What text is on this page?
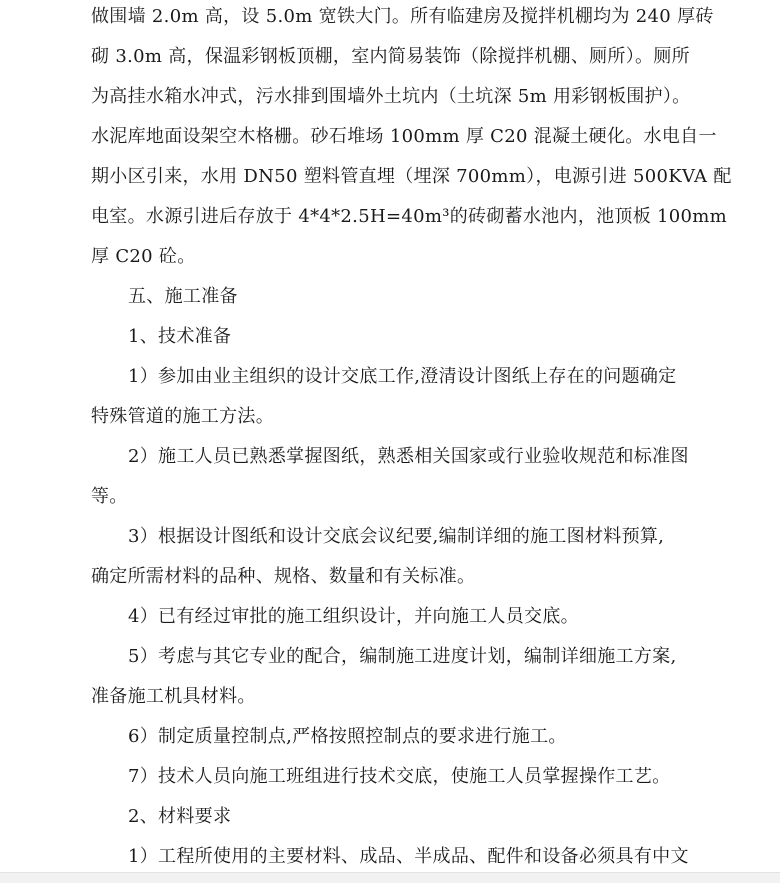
做围墙 2.0m 高，设 5.0m 宽铁大门。所有临建房及搅拌机棚均为 240 厚砖
砌 3.0m 高，保温彩钢板顶棚，室内简易装饰（除搅拌机棚、厕所）。厕所
为高挂水箱水冲式，污水排到围墙外土坑内（土坑深 5m 用彩钢板围护）。
水泥库地面设架空木格栅。砂石堆场 100mm 厚 C20 混凝土硬化。水电自一
期小区引来，水用 DN50 塑料管直埋（埋深 700mm），电源引进 500KVA 配
电室。水源引进后存放于 4*4*2.5H=40m³的砖砌蓄水池内，池顶板 100mm
厚 C20 砼。
五、施工准备
1、技术准备
1）参加由业主组织的设计交底工作,澄清设计图纸上存在的问题确定
特殊管道的施工方法。
2）施工人员已熟悉掌握图纸，熟悉相关国家或行业验收规范和标准图
等。
3）根据设计图纸和设计交底会议纪要,编制详细的施工图材料预算,
确定所需材料的品种、规格、数量和有关标准。
4）已有经过审批的施工组织设计，并向施工人员交底。
5）考虑与其它专业的配合，编制施工进度计划，编制详细施工方案,
准备施工机具材料。
6）制定质量控制点,严格按照控制点的要求进行施工。
7）技术人员向施工班组进行技术交底，使施工人员掌握操作工艺。
2、材料要求
1）工程所使用的主要材料、成品、半成品、配件和设备必须具有中文
